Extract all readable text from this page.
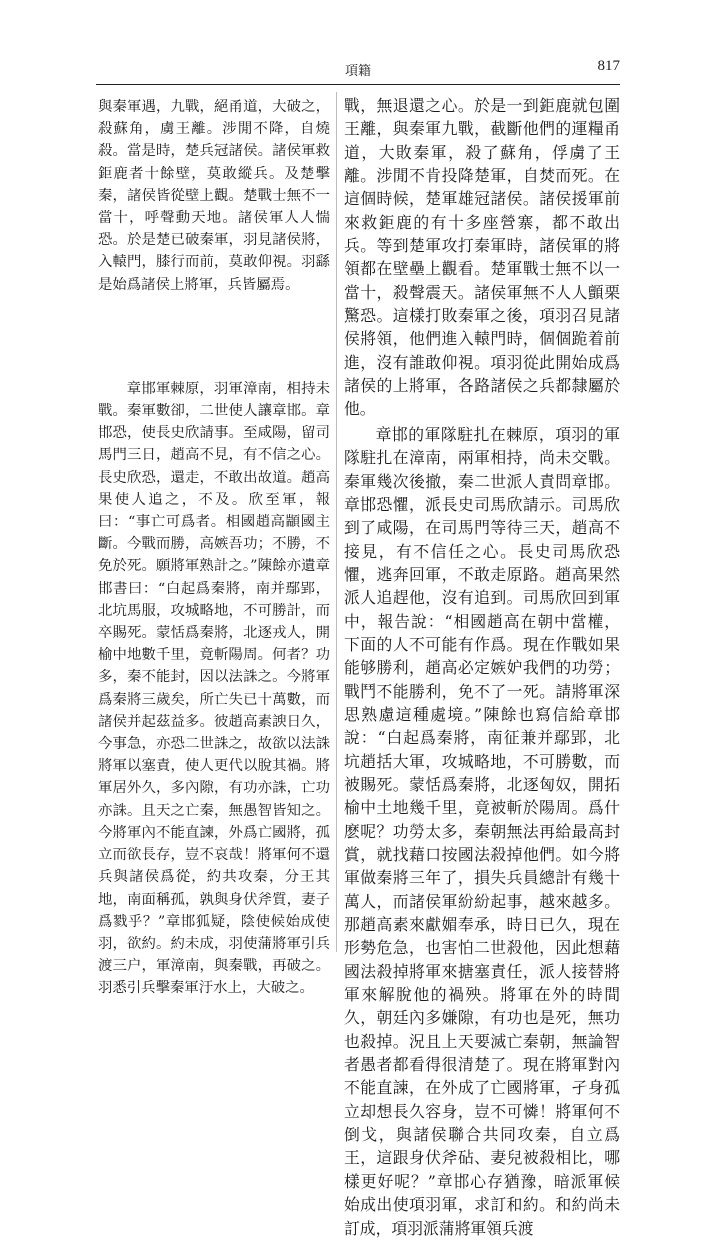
項籍	817

與秦軍遇，九戰，絕甬道，大破之，殺蘇角，虜王離。涉閒不降，自燒殺。當是時，楚兵冠諸侯。諸侯軍救鉅鹿者十餘壁，莫敢縱兵。及楚擊秦，諸侯皆從壁上觀。楚戰士無不一當十，呼聲動天地。諸侯軍人人惴恐。於是楚已破秦軍，羽見諸侯將，入轅門，膝行而前，莫敢仰視。羽繇是始爲諸侯上將軍，兵皆屬焉。

章邯軍棘原，羽軍漳南，相持未戰。秦軍數卻，二世使人讓章邯。章邯恐，使長史欣請事。至咸陽，留司馬門三日，趙高不見，有不信之心。長史欣恐，還走，不敢出故道。趙高果使人追之，不及。欣至軍，報曰：“事亡可爲者。相國趙高顓國主斷。今戰而勝，高嫉吾功；不勝，不免於死。願將軍熟計之。”陳餘亦遺章邯書曰：“白起爲秦將，南并鄢郢，北坑馬服，攻城略地，不可勝計，而卒賜死。蒙恬爲秦將，北逐戎人，開榆中地數千里，竟斬陽周。何者？功多，秦不能封，因以法誅之。今將軍爲秦將三歲矣，所亡失已十萬數，而諸侯并起茲益多。彼趙高素諛日久，今事急，亦恐二世誅之，故欲以法誅將軍以塞責，使人更代以脫其禍。將軍居外久，多內隙，有功亦誅，亡功亦誅。且天之亡秦，無愚智皆知之。今將軍內不能直諫，外爲亡國將，孤立而欲長存，豈不哀哉！將軍何不還兵與諸侯爲從，約共攻秦，分王其地，南面稱孤，孰與身伏斧質，妻子爲戮乎？”章邯狐疑，陰使候始成使羽，欲約。約未成，羽使蒲將軍引兵渡三户，軍漳南，與秦戰，再破之。羽悉引兵擊秦軍汙水上，大破之。

戰，無退還之心。於是一到鉅鹿就包圍王離，與秦軍九戰，截斷他們的運糧甬道，大敗秦軍，殺了蘇角，俘虜了王離。涉閒不肯投降楚軍，自焚而死。在這個時候，楚軍雄冠諸侯。諸侯援軍前來救鉅鹿的有十多座營寨，都不敢出兵。等到楚軍攻打秦軍時，諸侯軍的將領都在壁壘上觀看。楚軍戰士無不以一當十，殺聲震天。諸侯軍無不人人顫栗驚恐。這樣打敗秦軍之後，項羽召見諸侯將領，他們進入轅門時，個個跪着前進，沒有誰敢仰視。項羽從此開始成爲諸侯的上將軍，各路諸侯之兵都隸屬於他。

章邯的軍隊駐扎在棘原，項羽的軍隊駐扎在漳南，兩軍相持，尚未交戰。秦軍幾次後撤，秦二世派人責問章邯。章邯恐懼，派長史司馬欣請示。司馬欣到了咸陽，在司馬門等待三天，趙高不接見，有不信任之心。長史司馬欣恐懼，逃奔回軍，不敢走原路。趙高果然派人追趕他，沒有追到。司馬欣回到軍中，報告說：“相國趙高在朝中當權，下面的人不可能有作爲。現在作戰如果能够勝利，趙高必定嫉妒我們的功勞；戰鬥不能勝利，免不了一死。請將軍深思熟慮這種處境。”陳餘也寫信給章邯說：“白起爲秦將，南征兼并鄢郢，北坑趙括大軍，攻城略地，不可勝數，而被賜死。蒙恬爲秦將，北逐匈奴，開拓榆中土地幾千里，竟被斬於陽周。爲什麽呢？功勞太多，秦朝無法再給最高封賞，就找藉口按國法殺掉他們。如今將軍做秦將三年了，損失兵員總計有幾十萬人，而諸侯軍紛紛起事，越來越多。那趙高素來獻媚奉承，時日已久，現在形勢危急，也害怕二世殺他，因此想藉國法殺掉將軍來搪塞責任，派人接替將軍來解脫他的禍殃。將軍在外的時間久，朝廷內多嫌隙，有功也是死，無功也殺掉。況且上天要滅亡秦朝，無論智者愚者都看得很清楚了。現在將軍對內不能直諫，在外成了亡國將軍，孑身孤立却想長久容身，豈不可憐！將軍何不倒戈，與諸侯聯合共同攻秦，自立爲王，這跟身伏斧砧、妻兒被殺相比，哪樣更好呢？”章邯心存猶豫，暗派軍候始成出使項羽軍，求訂和約。和約尚未訂成，項羽派蒲將軍領兵渡
